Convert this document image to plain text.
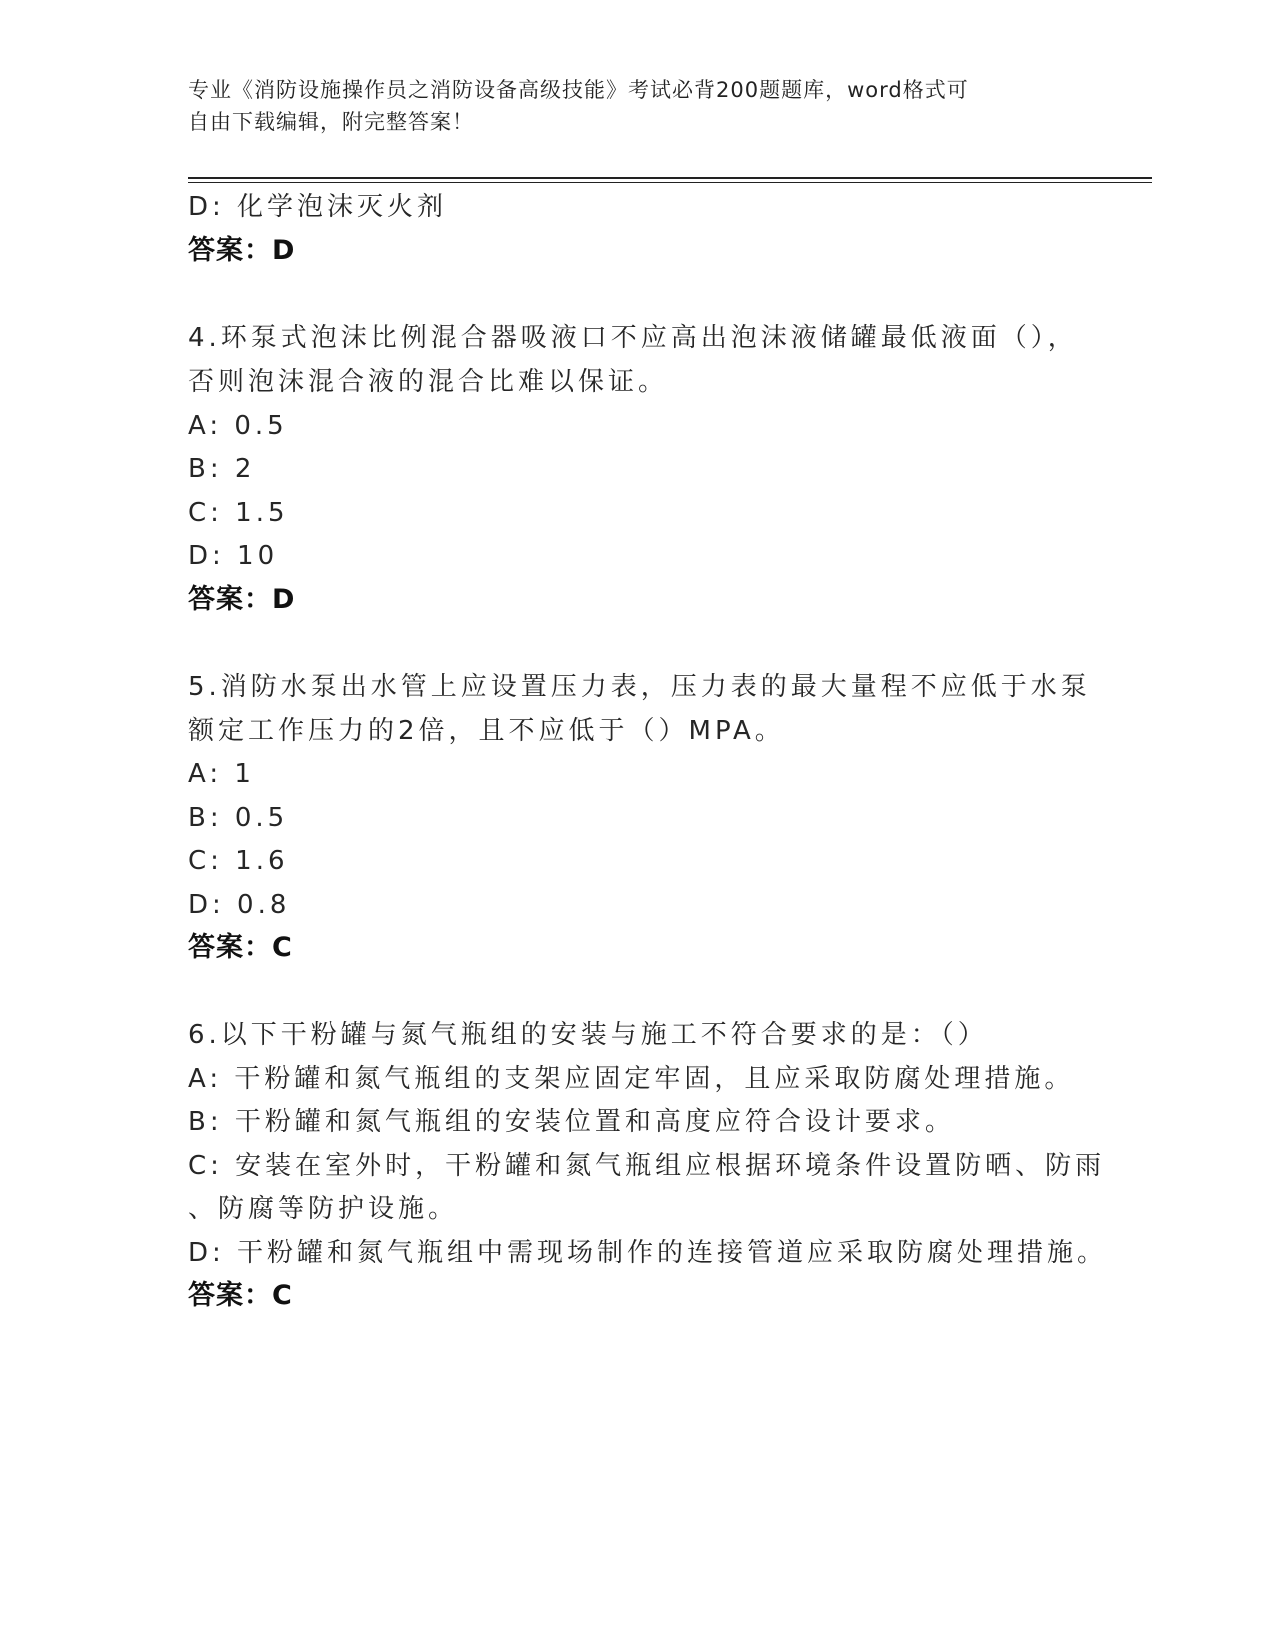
专业《消防设施操作员之消防设备高级技能》考试必背200题题库，word格式可
自由下载编辑，附完整答案！
D: 化学泡沫灭火剂
答案：D
4.环泵式泡沫比例混合器吸液口不应高出泡沫液储罐最低液面（），
否则泡沫混合液的混合比难以保证。
A: 0.5
B: 2
C: 1.5
D: 10
答案：D
5.消防水泵出水管上应设置压力表，压力表的最大量程不应低于水泵
额定工作压力的2倍，且不应低于（）MPA。
A: 1
B: 0.5
C: 1.6
D: 0.8
答案：C
6.以下干粉罐与氮气瓶组的安装与施工不符合要求的是：（）
A: 干粉罐和氮气瓶组的支架应固定牢固，且应采取防腐处理措施。
B: 干粉罐和氮气瓶组的安装位置和高度应符合设计要求。
C: 安装在室外时，干粉罐和氮气瓶组应根据环境条件设置防晒、防雨
、防腐等防护设施。
D: 干粉罐和氮气瓶组中需现场制作的连接管道应采取防腐处理措施。
答案：C
